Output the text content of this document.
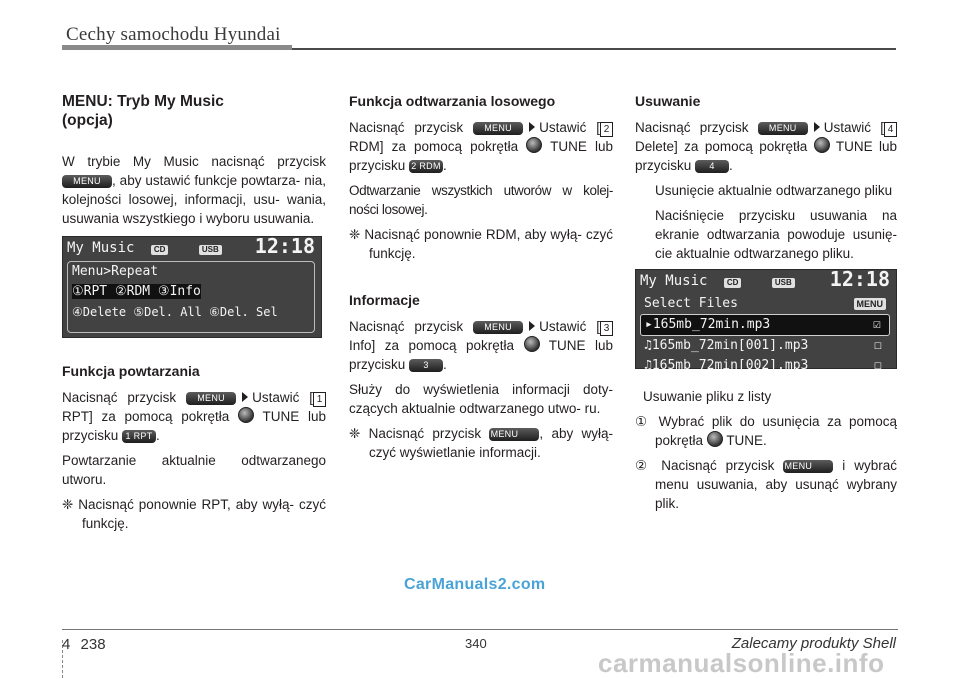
Cechy samochodu Hyundai
MENU: Tryb My Music
(opcja)

W trybie My Music nacisnąć przycisk MENU , aby ustawić funkcje powtarza- nia, kolejności losowej, informacji, usu- wania, usuwania wszystkiego i wyboru usuwania.

My Music CD	USB 12:18
Menu>Repeat
①RPT ②RDM ③Info
④Delete ⑤Del. All ⑥Del. Sel
Funkcja powtarzania

Nacisnąć przycisk MENU Ustawić [ 1RPT] za pomocą pokrętła TUNE lub przycisku 1 RPT .

Powtarzanie aktualnie odtwarzanego utworu.

❈ Nacisnąć ponownie RPT, aby wyłą- czyć funkcję.

Funkcja odtwarzania losowego

Nacisnąć przycisk MENU Ustawić [ 2RDM] za pomocą pokrętła TUNE lub przycisku 2 RDM .

Odtwarzanie wszystkich utworów w kolej- ności losowej.

❈ Nacisnąć ponownie RDM, aby wyłą- czyć funkcję.

Informacje

Nacisnąć przycisk MENU Ustawić [ 3Info] za pomocą pokrętła	TUNE lub przycisku 3 .

Służy do wyświetlenia informacji doty- czących aktualnie odtwarzanego utwo- ru.

❈ Nacisnąć przycisk MENU , aby wyłą- czyć wyświetlanie informacji.

Usuwanie

Nacisnąć przycisk MENU Ustawić [ 4Delete] za pomocą pokrętła TUNE lub przycisku 4 .

Usunięcie aktualnie odtwarzanego pliku

Naciśnięcie przycisku usuwania na ekranie odtwarzania powoduje usunię- cie aktualnie odtwarzanego pliku.

My Music CD	USB 12:18
Select Files	MENU
▸165mb_72min.mp3	☑
♫165mb_72min[001].mp3	☐
♫165mb_72min[002].mp3	☐

Usuwanie pliku z listy

① Wybrać plik do usunięcia za pomocą pokrętła TUNE.

② Nacisnąć przycisk MENU i wybrać menu usuwania, aby usunąć wybrany plik.

CarManuals2.com
4 238	340	Zalecamy produkty Shell
carmanualsonline.info
